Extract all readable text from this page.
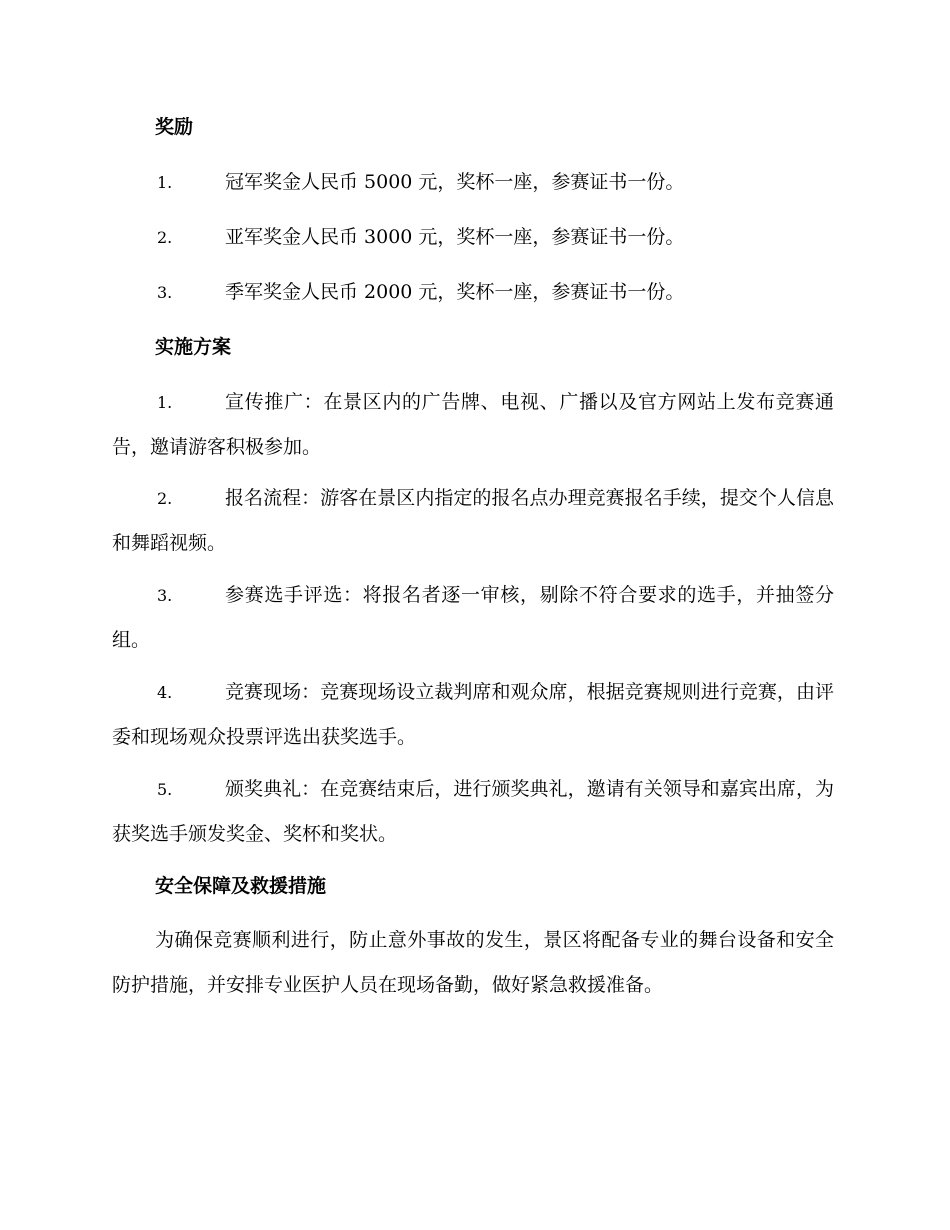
奖励
1.	冠军奖金人民币 5000 元，奖杯一座，参赛证书一份。
2.	亚军奖金人民币 3000 元，奖杯一座，参赛证书一份。
3.	季军奖金人民币 2000 元，奖杯一座，参赛证书一份。
实施方案
1.	宣传推广：在景区内的广告牌、电视、广播以及官方网站上发布竞赛通告，邀请游客积极参加。
2.	报名流程：游客在景区内指定的报名点办理竞赛报名手续，提交个人信息和舞蹈视频。
3.	参赛选手评选：将报名者逐一审核，剔除不符合要求的选手，并抽签分组。
4.	竞赛现场：竞赛现场设立裁判席和观众席，根据竞赛规则进行竞赛，由评委和现场观众投票评选出获奖选手。
5.	颁奖典礼：在竞赛结束后，进行颁奖典礼，邀请有关领导和嘉宾出席，为获奖选手颁发奖金、奖杯和奖状。
安全保障及救援措施
为确保竞赛顺利进行，防止意外事故的发生，景区将配备专业的舞台设备和安全防护措施，并安排专业医护人员在现场备勤，做好紧急救援准备。
